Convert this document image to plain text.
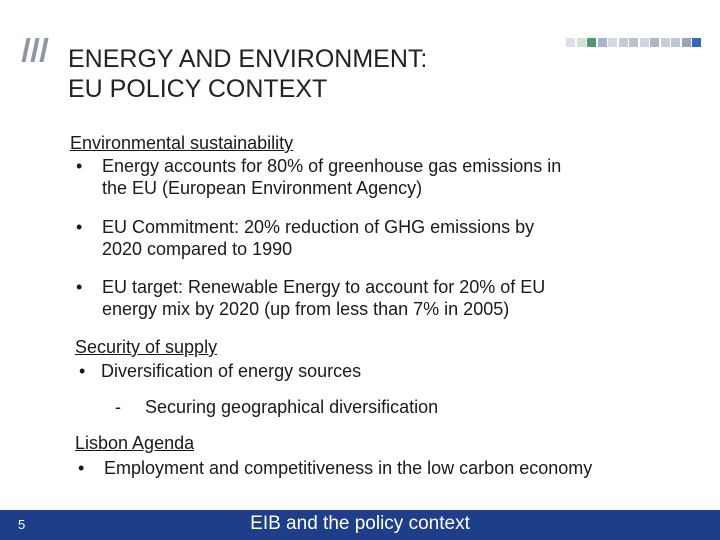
ENERGY AND ENVIRONMENT:
EU POLICY CONTEXT
Environmental sustainability
• Energy accounts for 80% of greenhouse gas emissions in
the EU (European Environment Agency)
• EU Commitment: 20% reduction of GHG emissions by
2020 compared to 1990
• EU target: Renewable Energy to account for 20% of EU
energy mix by 2020 (up from less than 7% in 2005)
Security of supply
• Diversification of energy sources
- Securing geographical diversification
Lisbon Agenda
• Employment and competitiveness in the low carbon economy
5	EIB and the policy context
